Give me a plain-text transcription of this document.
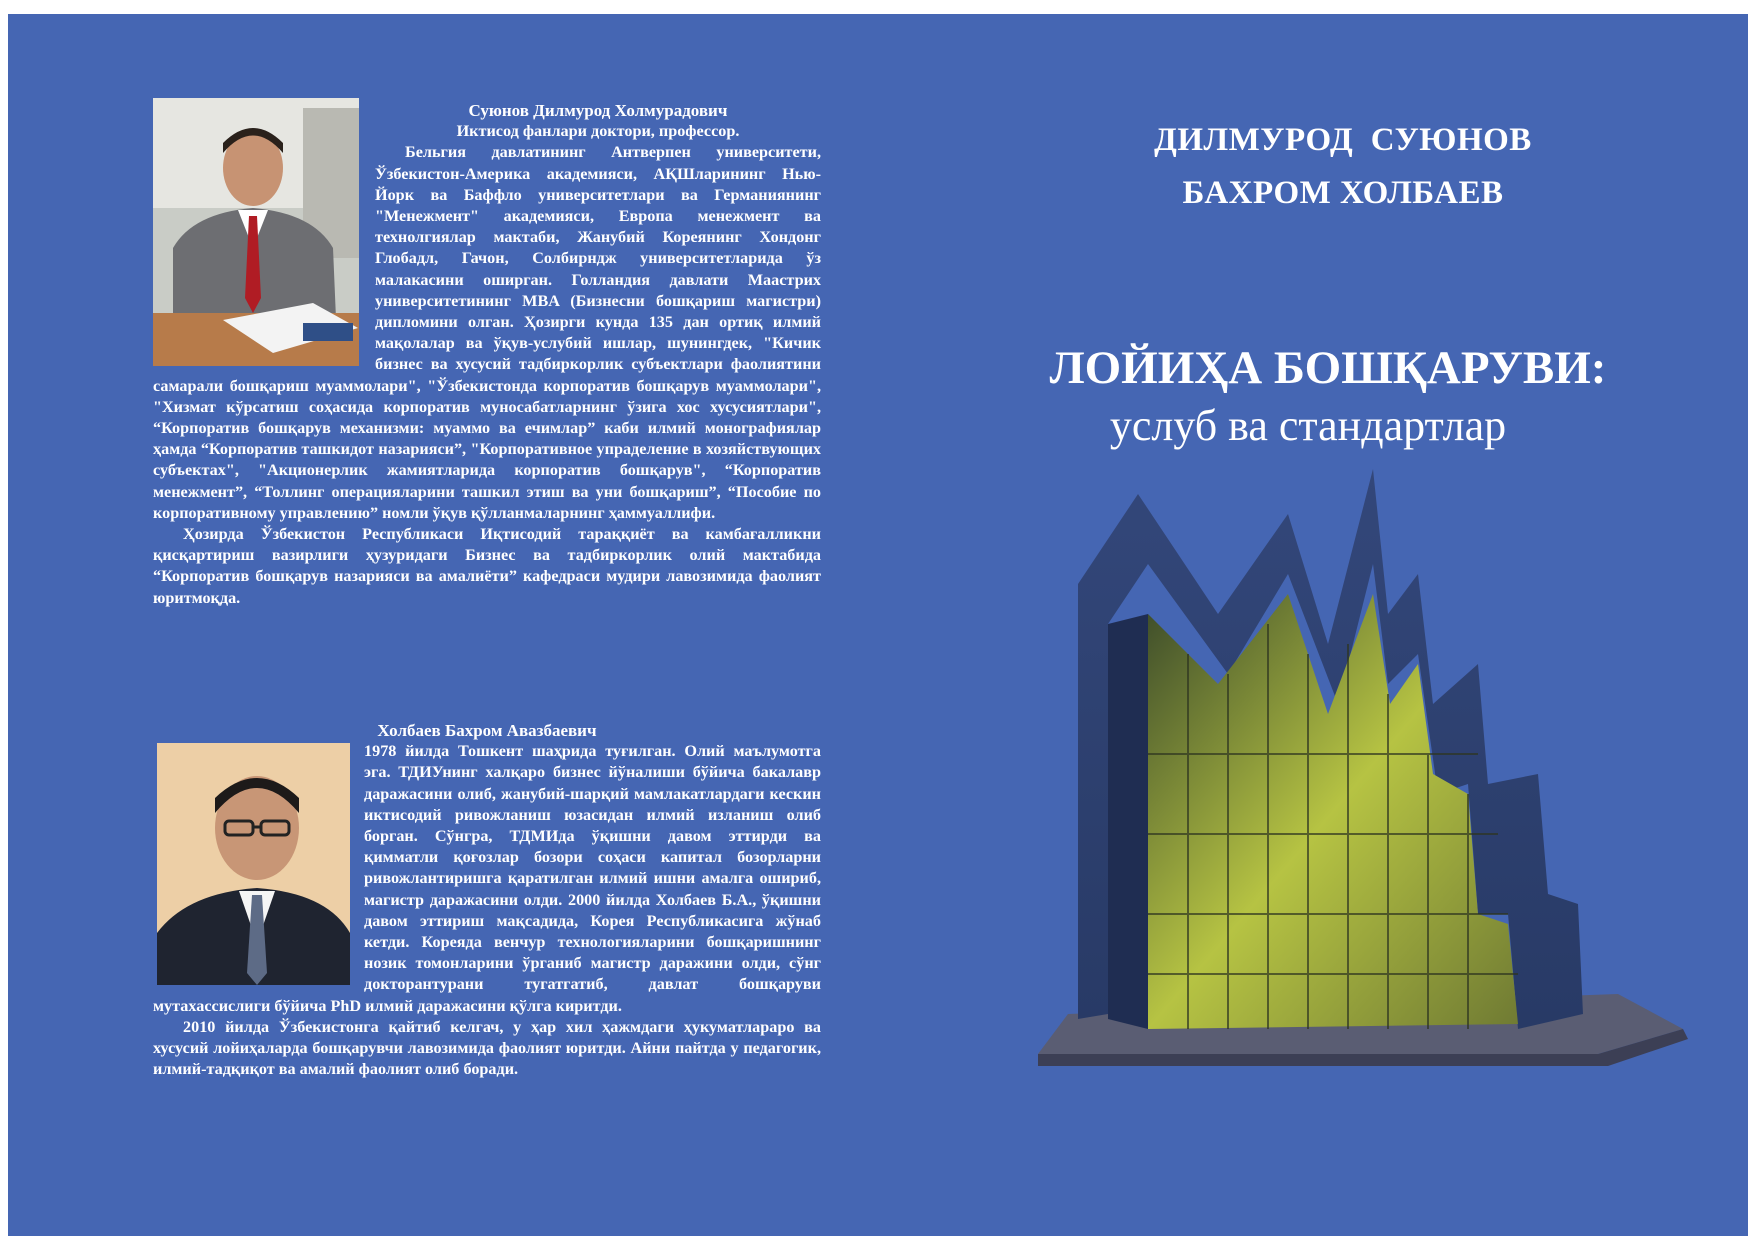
Суюнов Дилмурод Холмурадович

Иктисод фанлари доктори, профессор.

Бельгия давлатининг Антверпен университети, Ўзбекистон-Америка академияси, АҚШларининг Нью-Йорк ва Баффло университетлари ва Германиянинг "Менежмент" академияси, Европа менежмент ва технолгиялар мактаби, Жанубий Кореянинг Хондонг Глобадл, Гачон, Солбирндж университетларида ўз малакасини оширган. Голландия давлати Маастрих университетининг MBA (Бизнесни бошқариш магистри) дипломини олган. Ҳозирги кунда 135 дан ортиқ илмий мақолалар ва ўқув-услубий ишлар, шунингдек, "Кичик бизнес ва хусусий тадбиркорлик субъектлари фаолиятини самарали бошқариш муаммолари", "Ўзбекистонда корпоратив бошқарув муаммолари", "Хизмат кўрсатиш соҳасида корпоратив муносабатларнинг ўзига хос хусусиятлари", “Корпоратив бошқарув механизми: муаммо ва ечимлар” каби илмий монографиялар ҳамда “Корпоратив ташкидот назарияси”, "Корпоративное упраделение в хозяйствующих субъектах", "Акционерлик жамиятларида корпоратив бошқарув", “Корпоратив менежмент”, “Толлинг операцияларини ташкил этиш ва уни бошқариш”, “Пособие по корпоративному управлению” номли ўқув қўлланмаларнинг ҳаммуаллифи.

Ҳозирда Ўзбекистон Республикаси Иқтисодий тараққиёт ва камбағалликни қисқартириш вазирлиги ҳузуридаги Бизнес ва тадбиркорлик олий мактабида “Корпоратив бошқарув назарияси ва амалиёти” кафедраси мудири лавозимида фаолият юритмоқда.

Холбаев Бахром Авазбаевич

1978 йилда Тошкент шаҳрида туғилган. Олий маълумотга эга. ТДИУнинг халқаро бизнес йўналиши бўйича бакалавр даражасини олиб, жанубий-шарқий мамлакатлардаги кескин иктисодий ривожланиш юзасидан илмий изланиш олиб борган. Сўнгра, ТДМИда ўқишни давом эттирди ва қимматли қоғозлар бозори соҳаси капитал бозорларни ривожлантиришга қаратилган илмий ишни амалга ошириб, магистр даражасини олди. 2000 йилда Холбаев Б.А., ўқишни давом эттириш мақсадида, Корея Республикасига жўнаб кетди. Кореяда венчур технологияларини бошқаришнинг нозик томонларини ўрганиб магистр даражини олди, сўнг докторантурани тугатгатиб, давлат бошқаруви мутахассислиги бўйича PhD илмий даражасини қўлга киритди.

2010 йилда Ўзбекистонга қайтиб келгач, у ҳар хил ҳажмдаги ҳукуматлараро ва хусусий лойиҳаларда бошқарувчи лавозимида фаолият юритди. Айни пайтда у педагогик, илмий-тадқиқот ва амалий фаолият олиб боради.

ДИЛМУРОД  СУЮНОВ
БАХРОМ ХОЛБАЕВ
ЛОЙИҲА БОШҚАРУВИ:
услуб ва стандартлар
